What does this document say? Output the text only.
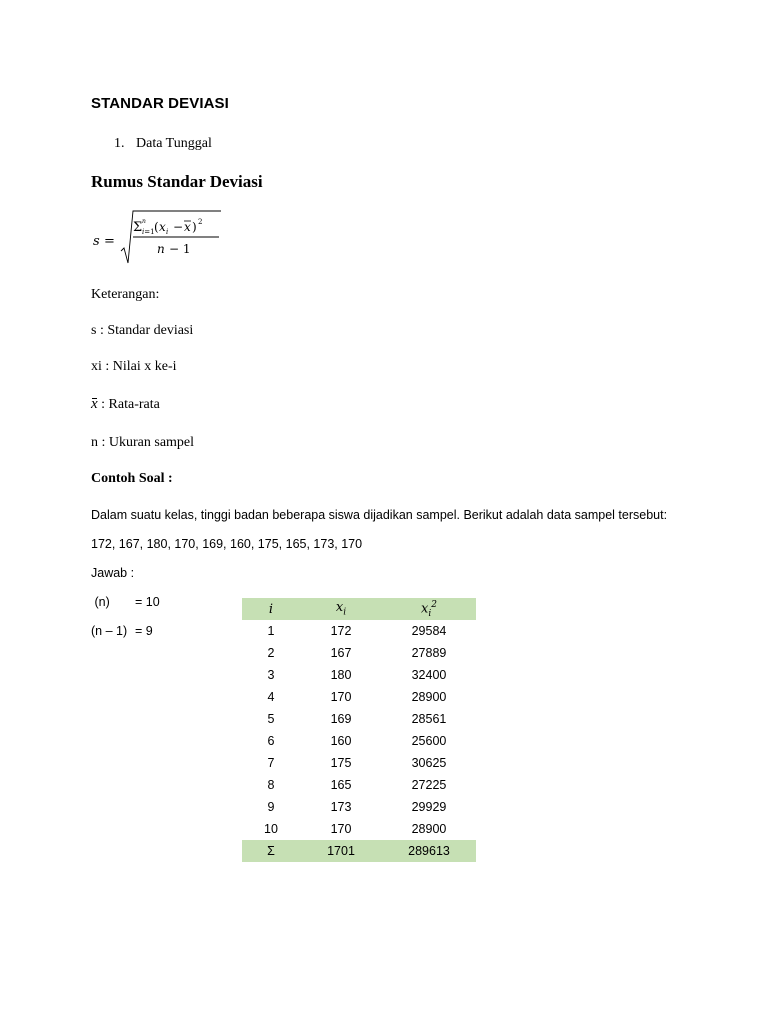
STANDAR DEVIASI
1. Data Tunggal
Rumus Standar Deviasi
s =
Σ n
i=1 ( x i − x ) 2
n − 1
Keterangan:
s : Standar deviasi
xi : Nilai x ke-i
x : Rata-rata
n : Ukuran sampel
Contoh Soal :
Dalam suatu kelas, tinggi badan beberapa siswa dijadikan sampel. Berikut adalah data sampel tersebut:
172, 167, 180, 170, 169, 160, 175, 165, 173, 170
Jawab :
(n) = 10
(n – 1) = 9
i	$x_i$	$x_i^2$
1	172	29584
2	167	27889
3	180	32400
4	170	28900
5	169	28561
6	160	25600
7	175	30625
8	165	27225
9	173	29929
10	170	28900
Σ	1701	289613
